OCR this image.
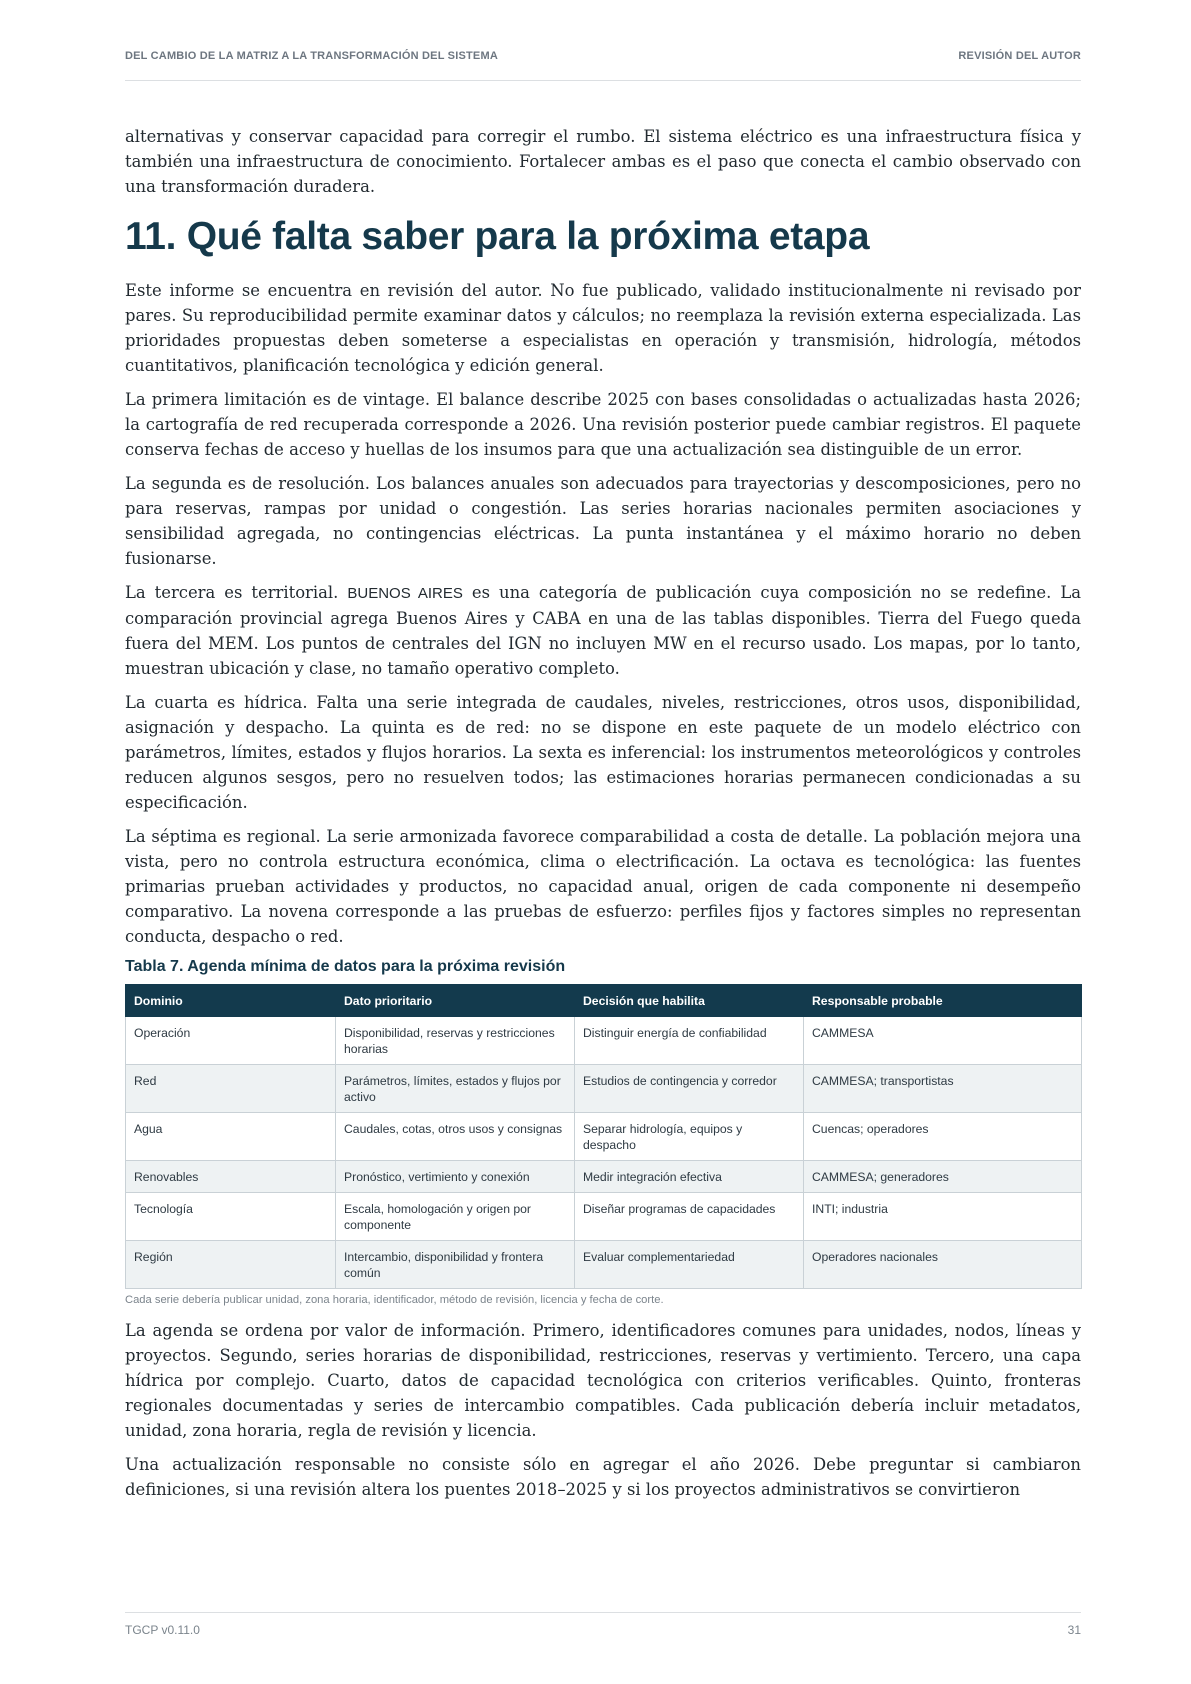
DEL CAMBIO DE LA MATRIZ A LA TRANSFORMACIÓN DEL SISTEMA	REVISIÓN DEL AUTOR

alternativas y conservar capacidad para corregir el rumbo. El sistema eléctrico es una infraestructura física y también una infraestructura de conocimiento. Fortalecer ambas es el paso que conecta el cambio observado con una transformación duradera.

11. Qué falta saber para la próxima etapa

Este informe se encuentra en revisión del autor. No fue publicado, validado institucionalmente ni revisado por pares. Su reproducibilidad permite examinar datos y cálculos; no reemplaza la revisión externa especializada. Las prioridades propuestas deben someterse a especialistas en operación y transmisión, hidrología, métodos cuantitativos, planificación tecnológica y edición general.

La primera limitación es de vintage. El balance describe 2025 con bases consolidadas o actualizadas hasta 2026; la cartografía de red recuperada corresponde a 2026. Una revisión posterior puede cambiar registros. El paquete conserva fechas de acceso y huellas de los insumos para que una actualización sea distinguible de un error.

La segunda es de resolución. Los balances anuales son adecuados para trayectorias y descomposiciones, pero no para reservas, rampas por unidad o congestión. Las series horarias nacionales permiten asociaciones y sensibilidad agregada, no contingencias eléctricas. La punta instantánea y el máximo horario no deben fusionarse.

La tercera es territorial. BUENOS AIRES es una categoría de publicación cuya composición no se redefine. La comparación provincial agrega Buenos Aires y CABA en una de las tablas disponibles. Tierra del Fuego queda fuera del MEM. Los puntos de centrales del IGN no incluyen MW en el recurso usado. Los mapas, por lo tanto, muestran ubicación y clase, no tamaño operativo completo.

La cuarta es hídrica. Falta una serie integrada de caudales, niveles, restricciones, otros usos, disponibilidad, asignación y despacho. La quinta es de red: no se dispone en este paquete de un modelo eléctrico con parámetros, límites, estados y flujos horarios. La sexta es inferencial: los instrumentos meteorológicos y controles reducen algunos sesgos, pero no resuelven todos; las estimaciones horarias permanecen condicionadas a su especificación.

La séptima es regional. La serie armonizada favorece comparabilidad a costa de detalle. La población mejora una vista, pero no controla estructura económica, clima o electrificación. La octava es tecnológica: las fuentes primarias prueban actividades y productos, no capacidad anual, origen de cada componente ni desempeño comparativo. La novena corresponde a las pruebas de esfuerzo: perfiles fijos y factores simples no representan conducta, despacho o red.

Tabla 7. Agenda mínima de datos para la próxima revisión
Dominio	Dato prioritario	Decisión que habilita	Responsable probable
Operación	Disponibilidad, reservas y restricciones horarias	Distinguir energía de confiabilidad	CAMMESA
Red	Parámetros, límites, estados y flujos por activo	Estudios de contingencia y corredor	CAMMESA; transportistas
Agua	Caudales, cotas, otros usos y consignas	Separar hidrología, equipos y despacho	Cuencas; operadores
Renovables	Pronóstico, vertimiento y conexión	Medir integración efectiva	CAMMESA; generadores
Tecnología	Escala, homologación y origen por componente	Diseñar programas de capacidades	INTI; industria
Región	Intercambio, disponibilidad y frontera común	Evaluar complementariedad	Operadores nacionales
Cada serie debería publicar unidad, zona horaria, identificador, método de revisión, licencia y fecha de corte.

La agenda se ordena por valor de información. Primero, identificadores comunes para unidades, nodos, líneas y proyectos. Segundo, series horarias de disponibilidad, restricciones, reservas y vertimiento. Tercero, una capa hídrica por complejo. Cuarto, datos de capacidad tecnológica con criterios verificables. Quinto, fronteras regionales documentadas y series de intercambio compatibles. Cada publicación debería incluir metadatos, unidad, zona horaria, regla de revisión y licencia.

Una actualización responsable no consiste sólo en agregar el año 2026. Debe preguntar si cambiaron definiciones, si una revisión altera los puentes 2018–2025 y si los proyectos administrativos se convirtieron

TGCP v0.11.0	31
